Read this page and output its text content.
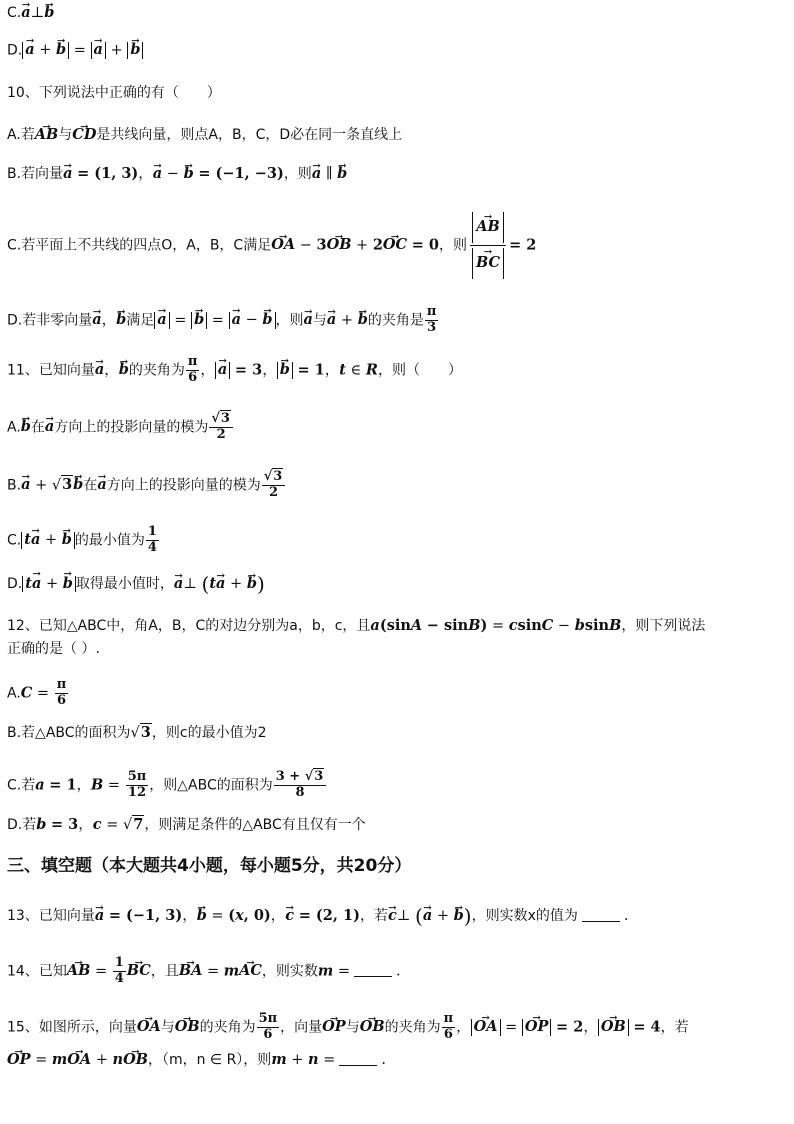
C.→ a⊥→ b
D. → a + → b = → a + → b
10、下列说法中正确的有（　　）
A.若→ AB与→ CD是共线向量，则点A，B，C，D必在同一条直线上
B.若向量→ a = (1, 3)，→ a − → b = (−1, −3)，则→ a ∥ → b
C.若平面上不共线的四点O，A，B，C满足→ OA − 3→ OB + 2→ OC = 0，则 → AB
→ BC = 2
D.若非零向量→ a，→ b满足 → a = → b = → a − → b ，则→ a与→ a + → b的夹角是 $\frac{\pi}{3}$
11、已知向量→ a，→ b的夹角为 $\frac{\pi}{6}$ ， → a = 3， → b = 1，t ∈ R，则（　　）
A.→ b在→ a方向上的投影向量的模为 $\frac{√3}{2}$
B.→ a + √3→ b在→ a方向上的投影向量的模为 $\frac{√3}{2}$
C. t→ a + → b 的最小值为 $\frac{1}{4}$
D. t→ a + → b 取得最小值时，→ a⊥ (t→ a + → b)
12、已知△ABC中，角A，B，C的对边分别为a，b，c，且a(sinA − sinB) = csinC − bsinB，则下列说法
正确的是（ ）.
$A.C = \frac{\pi}{6}$
B.若△ABC的面积为√3，则c的最小值为2
C.若a = 1，$B = \frac{5\pi}{12}$ ，则△ABC的面积为 $\frac{3 + √3}{8}$
D.若b = 3，c = √7，则满足条件的△ABC有且仅有一个
三、填空题（本大题共4小题，每小题5分，共20分）
13、已知向量→ a = (−1, 3)，→ b = (x, 0)，→ c = (2, 1)，若→ c⊥ (→ a + → b)，则实数x的值为	.
14、已知→ AB = $\frac{1}{4}$ → BC，且→ BA = m→ AC，则实数m =	.
15、如图所示，向量→ OA与→ OB的夹角为 $\frac{5\pi}{6}$ ，向量→ OP与→ OB的夹角为 $\frac{\pi}{6}$ ， → OA = → OP = 2， → OB = 4，若
→ OP = m→ OA + n→ OB，（m，n ∈ R），则m + n =	.
